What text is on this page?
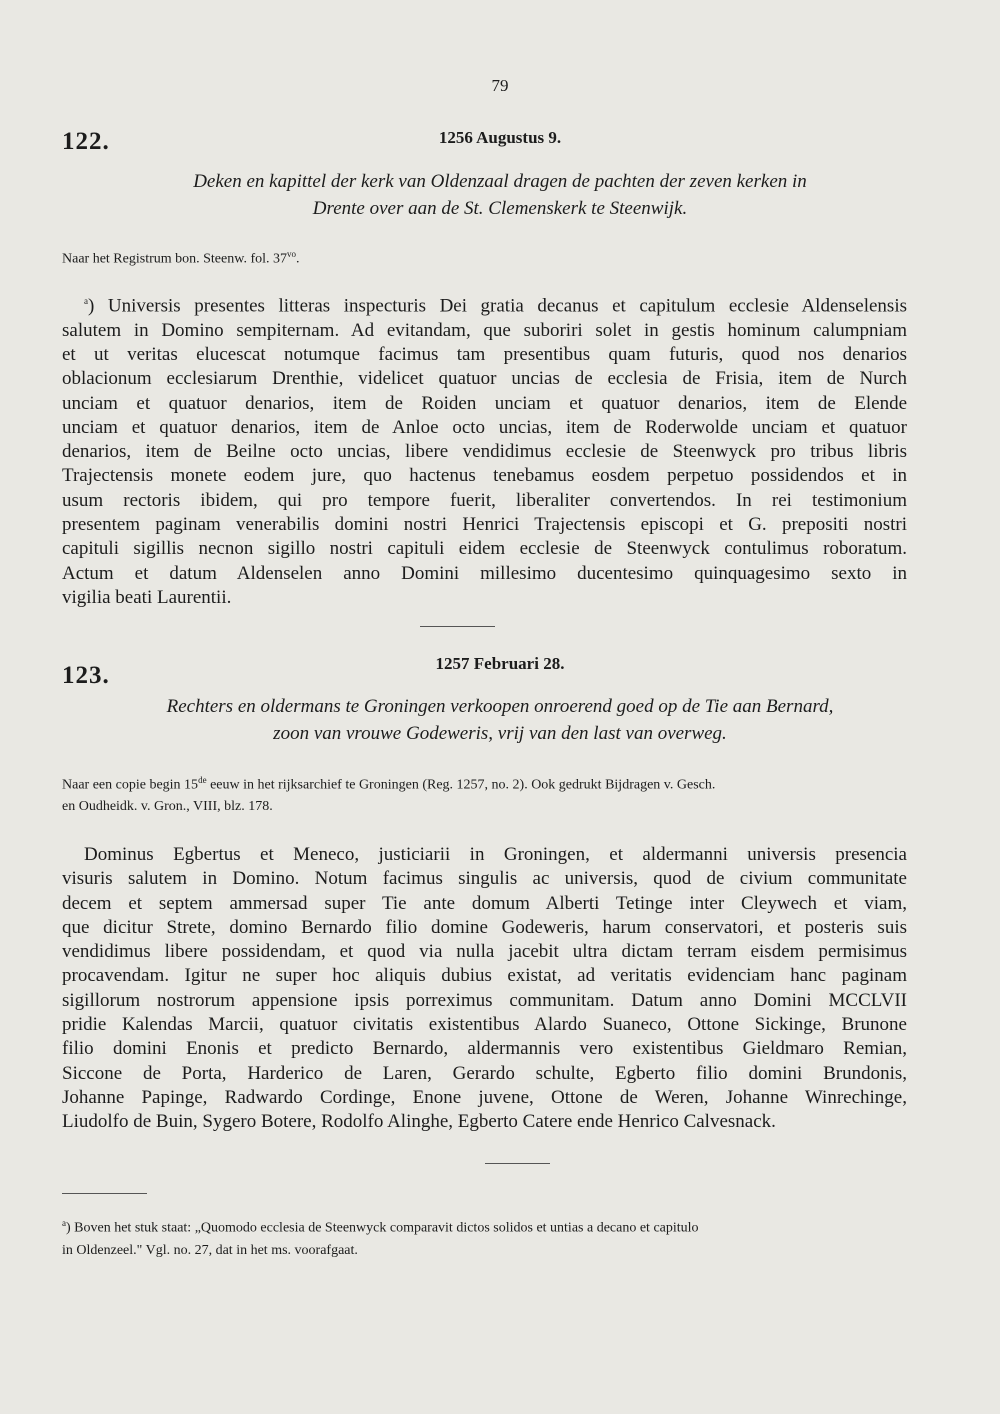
79
122.	1256 Augustus 9.
Deken en kapittel der kerk van Oldenzaal dragen de pachten der zeven kerken in
Drente over aan de St. Clemenskerk te Steenwijk.
Naar het Registrum bon. Steenw. fol. $37^{vo}$.
$^a$) Universis presentes litteras inspecturis Dei gratia decanus et capitulum ecclesie Aldenselensis
salutem in Domino sempiternam. Ad evitandam, que suboriri solet in gestis hominum calumpniam
et ut veritas elucescat notumque facimus tam presentibus quam futuris, quod nos denarios
oblacionum ecclesiarum Drenthie, videlicet quatuor uncias de ecclesia de Frisia, item de Nurch
unciam et quatuor denarios, item de Roiden unciam et quatuor denarios, item de Elende
unciam et quatuor denarios, item de Anloe octo uncias, item de Roderwolde unciam et quatuor
denarios, item de Beilne octo uncias, libere vendidimus ecclesie de Steenwyck pro tribus libris
Trajectensis monete eodem jure, quo hactenus tenebamus eosdem perpetuo possidendos et in
usum rectoris ibidem, qui pro tempore fuerit, liberaliter convertendos. In rei testimonium
presentem paginam venerabilis domini nostri Henrici Trajectensis episcopi et G. prepositi nostri
capituli sigillis necnon sigillo nostri capituli eidem ecclesie de Steenwyck contulimus roboratum.
Actum et datum Aldenselen anno Domini millesimo ducentesimo quinquagesimo sexto in
vigilia beati Laurentii.
123.	1257 Februari 28.
Rechters en oldermans te Groningen verkoopen onroerend goed op de Tie aan Bernard,
zoon van vrouwe Godeweris, vrij van den last van overweg.
Naar een copie begin 15de eeuw in het rijksarchief te Groningen (Reg. 1257, no. 2). Ook gedrukt Bijdragen v. Gesch.
en Oudheidk. v. Gron., VIII, blz. 178.
Dominus Egbertus et Meneco, justiciarii in Groningen, et aldermanni universis presencia
visuris salutem in Domino. Notum facimus singulis ac universis, quod de civium communitate
decem et septem ammersad super Tie ante domum Alberti Tetinge inter Cleywech et viam,
que dicitur Strete, domino Bernardo filio domine Godeweris, harum conservatori, et posteris suis
vendidimus libere possidendam, et quod via nulla jacebit ultra dictam terram eisdem permisimus
procavendam. Igitur ne super hoc aliquis dubius existat, ad veritatis evidenciam hanc paginam
sigillorum nostrorum appensione ipsis porreximus communitam. Datum anno Domini MCCLVII
pridie Kalendas Marcii, quatuor civitatis existentibus Alardo Suaneco, Ottone Sickinge, Brunone
filio domini Enonis et predicto Bernardo, aldermannis vero existentibus Gieldmaro Remian,
Siccone de Porta, Harderico de Laren, Gerardo schulte, Egberto filio domini Brundonis,
Johanne Papinge, Radwardo Cordinge, Enone juvene, Ottone de Weren, Johanne Winrechinge,
Liudolfo de Buin, Sygero Botere, Rodolfo Alinghe, Egberto Catere ende Henrico Calvesnack.
$^a$) Boven het stuk staat: „Quomodo ecclesia de Steenwyck comparavit dictos solidos et untias a decano et capitulo
in Oldenzeel." Vgl. no. 27, dat in het ms. voorafgaat.
